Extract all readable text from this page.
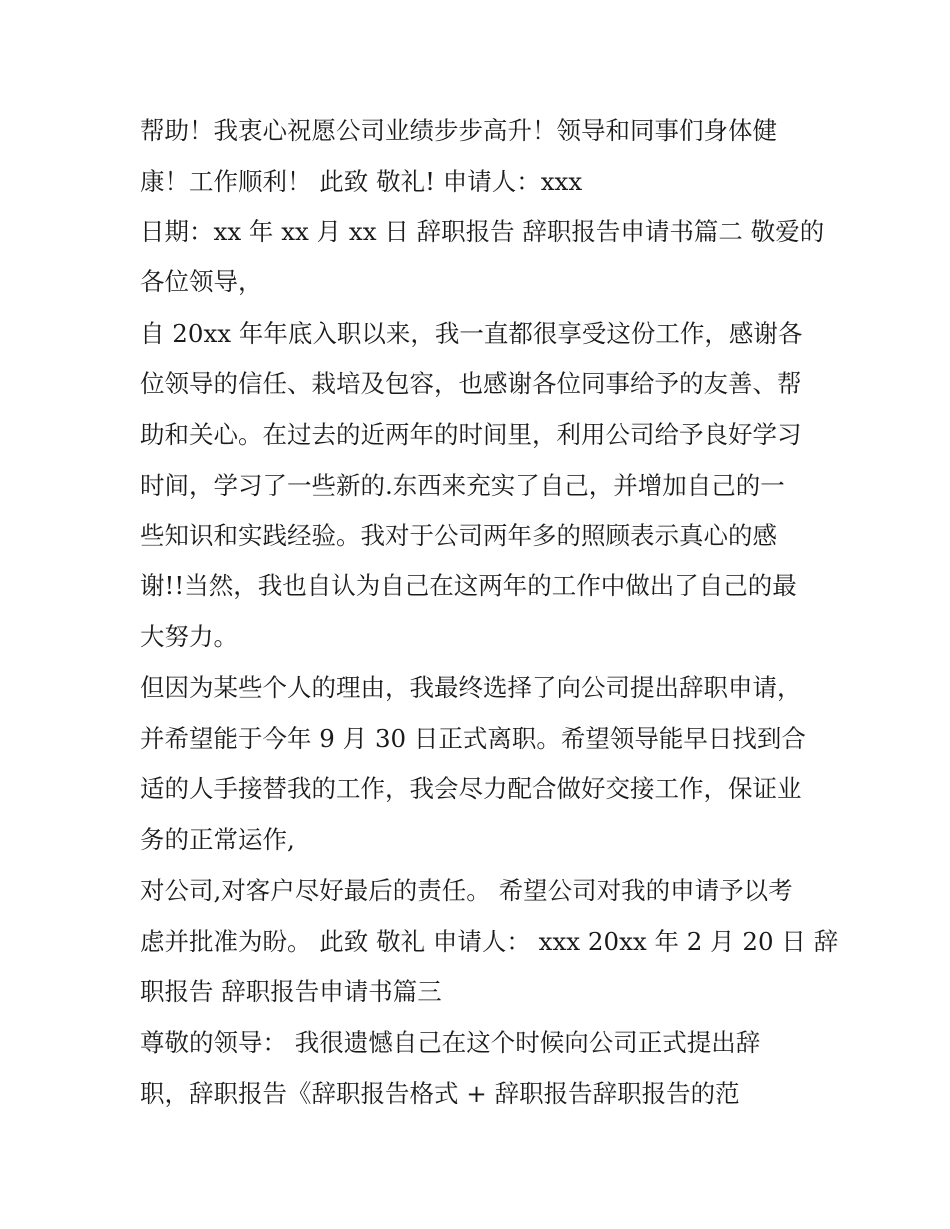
帮助！我衷心祝愿公司业绩步步高升！领导和同事们身体健
康！工作顺利！ 此致 敬礼! 申请人：xxx
日期：xx 年 xx 月 xx 日 辞职报告 辞职报告申请书篇二 敬爱的
各位领导，
自 20xx 年年底入职以来，我一直都很享受这份工作，感谢各
位领导的信任、栽培及包容，也感谢各位同事给予的友善、帮
助和关心。在过去的近两年的时间里，利用公司给予良好学习
时间，学习了一些新的.东西来充实了自己，并增加自己的一
些知识和实践经验。我对于公司两年多的照顾表示真心的感
谢!!当然，我也自认为自己在这两年的工作中做出了自己的最
大努力。
但因为某些个人的理由，我最终选择了向公司提出辞职申请，
并希望能于今年 9 月 30 日正式离职。希望领导能早日找到合
适的人手接替我的工作，我会尽力配合做好交接工作，保证业
务的正常运作,
对公司,对客户尽好最后的责任。 希望公司对我的申请予以考
虑并批准为盼。 此致 敬礼 申请人： xxx 20xx 年 2 月 20 日 辞
职报告 辞职报告申请书篇三
尊敬的领导： 我很遗憾自己在这个时候向公司正式提出辞
职，辞职报告《辞职报告格式 + 辞职报告辞职报告的范
